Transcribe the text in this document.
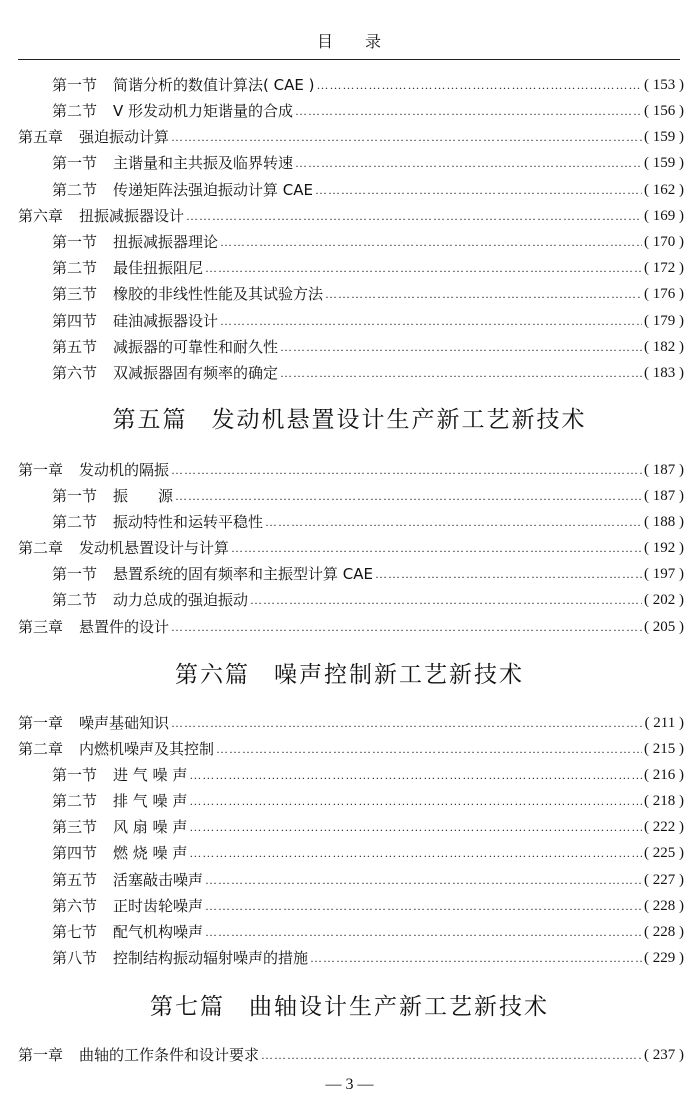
目录
第一节 简谐分析的数值计算法( CAE ) …………………………………………………………………………………………………………………………………………………………………………………	( 153 )
第二节 V 形发动机力矩谐量的合成 …………………………………………………………………………………………………………………………………………………………………………………	( 156 )
第五章 强迫振动计算 …………………………………………………………………………………………………………………………………………………………………………………	( 159 )
第一节 主谐量和主共振及临界转速 …………………………………………………………………………………………………………………………………………………………………………………	( 159 )
第二节 传递矩阵法强迫振动计算 CAE …………………………………………………………………………………………………………………………………………………………………………………	( 162 )
第六章 扭振减振器设计 …………………………………………………………………………………………………………………………………………………………………………………	( 169 )
第一节 扭振减振器理论 …………………………………………………………………………………………………………………………………………………………………………………	( 170 )
第二节 最佳扭振阻尼 …………………………………………………………………………………………………………………………………………………………………………………	( 172 )
第三节 橡胶的非线性性能及其试验方法 …………………………………………………………………………………………………………………………………………………………………………………	( 176 )
第四节 硅油减振器设计 …………………………………………………………………………………………………………………………………………………………………………………	( 179 )
第五节 减振器的可靠性和耐久性 …………………………………………………………………………………………………………………………………………………………………………………	( 182 )
第六节 双减振器固有频率的确定 …………………………………………………………………………………………………………………………………………………………………………………	( 183 )
第五篇 发动机悬置设计生产新工艺新技术
第一章 发动机的隔振 …………………………………………………………………………………………………………………………………………………………………………………	( 187 )
第一节 振　　源 …………………………………………………………………………………………………………………………………………………………………………………	( 187 )
第二节 振动特性和运转平稳性 …………………………………………………………………………………………………………………………………………………………………………………	( 188 )
第二章 发动机悬置设计与计算 …………………………………………………………………………………………………………………………………………………………………………………	( 192 )
第一节 悬置系统的固有频率和主振型计算 CAE …………………………………………………………………………………………………………………………………………………………………………………	( 197 )
第二节 动力总成的强迫振动 …………………………………………………………………………………………………………………………………………………………………………………	( 202 )
第三章 悬置件的设计 …………………………………………………………………………………………………………………………………………………………………………………	( 205 )
第六篇 噪声控制新工艺新技术
第一章 噪声基础知识 …………………………………………………………………………………………………………………………………………………………………………………	( 211 )
第二章 内燃机噪声及其控制 …………………………………………………………………………………………………………………………………………………………………………………	( 215 )
第一节 进 气 噪 声 …………………………………………………………………………………………………………………………………………………………………………………	( 216 )
第二节 排 气 噪 声 …………………………………………………………………………………………………………………………………………………………………………………	( 218 )
第三节 风 扇 噪 声 …………………………………………………………………………………………………………………………………………………………………………………	( 222 )
第四节 燃 烧 噪 声 …………………………………………………………………………………………………………………………………………………………………………………	( 225 )
第五节 活塞敲击噪声 …………………………………………………………………………………………………………………………………………………………………………………	( 227 )
第六节 正时齿轮噪声 …………………………………………………………………………………………………………………………………………………………………………………	( 228 )
第七节 配气机构噪声 …………………………………………………………………………………………………………………………………………………………………………………	( 228 )
第八节 控制结构振动辐射噪声的措施 …………………………………………………………………………………………………………………………………………………………………………………	( 229 )
第七篇 曲轴设计生产新工艺新技术
第一章 曲轴的工作条件和设计要求 …………………………………………………………………………………………………………………………………………………………………………………	( 237 )
— 3 —
